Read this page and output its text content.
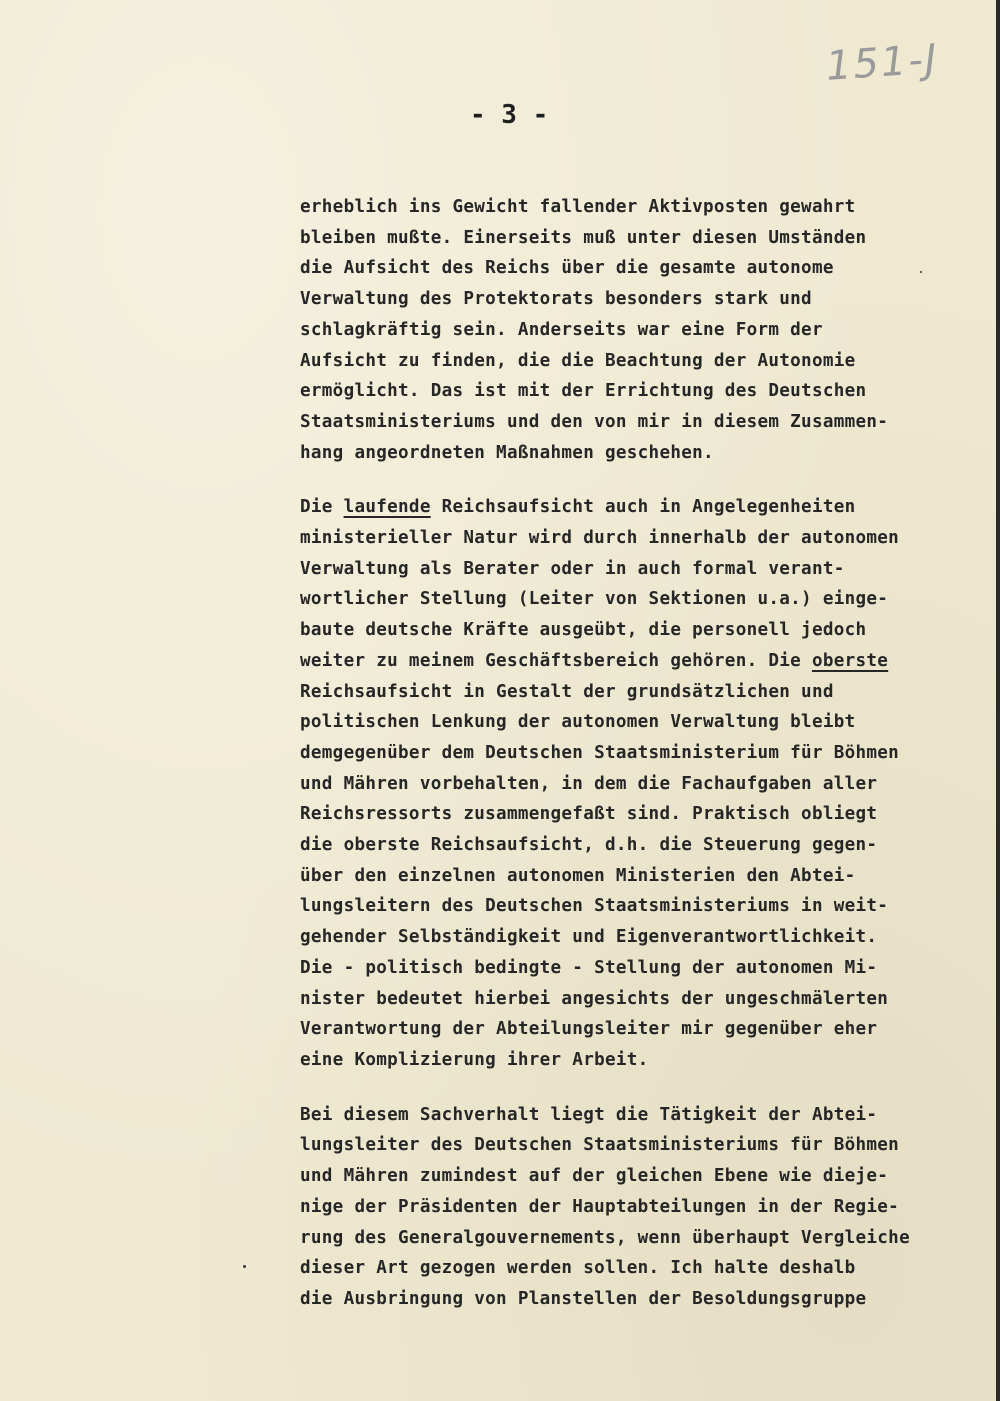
151-J
- 3 -
erheblich ins Gewicht fallender Aktivposten gewahrt
bleiben mußte. Einerseits muß unter diesen Umständen
die Aufsicht des Reichs über die gesamte autonome
Verwaltung des Protektorats besonders stark und
schlagkräftig sein. Anderseits war eine Form der
Aufsicht zu finden, die die Beachtung der Autonomie
ermöglicht. Das ist mit der Errichtung des Deutschen
Staatsministeriums und den von mir in diesem Zusammen-
hang angeordneten Maßnahmen geschehen.
Die laufende Reichsaufsicht auch in Angelegenheiten
ministerieller Natur wird durch innerhalb der autonomen
Verwaltung als Berater oder in auch formal verant-
wortlicher Stellung (Leiter von Sektionen u.a.) einge-
baute deutsche Kräfte ausgeübt, die personell jedoch
weiter zu meinem Geschäftsbereich gehören. Die oberste
Reichsaufsicht in Gestalt der grundsätzlichen und
politischen Lenkung der autonomen Verwaltung bleibt
demgegenüber dem Deutschen Staatsministerium für Böhmen
und Mähren vorbehalten, in dem die Fachaufgaben aller
Reichsressorts zusammengefaßt sind. Praktisch obliegt
die oberste Reichsaufsicht, d.h. die Steuerung gegen-
über den einzelnen autonomen Ministerien den Abtei-
lungsleitern des Deutschen Staatsministeriums in weit-
gehender Selbständigkeit und Eigenverantwortlichkeit.
Die - politisch bedingte - Stellung der autonomen Mi-
nister bedeutet hierbei angesichts der ungeschmälerten
Verantwortung der Abteilungsleiter mir gegenüber eher
eine Komplizierung ihrer Arbeit.
Bei diesem Sachverhalt liegt die Tätigkeit der Abtei-
lungsleiter des Deutschen Staatsministeriums für Böhmen
und Mähren zumindest auf der gleichen Ebene wie dieje-
nige der Präsidenten der Hauptabteilungen in der Regie-
rung des Generalgouvernements, wenn überhaupt Vergleiche
dieser Art gezogen werden sollen. Ich halte deshalb
die Ausbringung von Planstellen der Besoldungsgruppe
